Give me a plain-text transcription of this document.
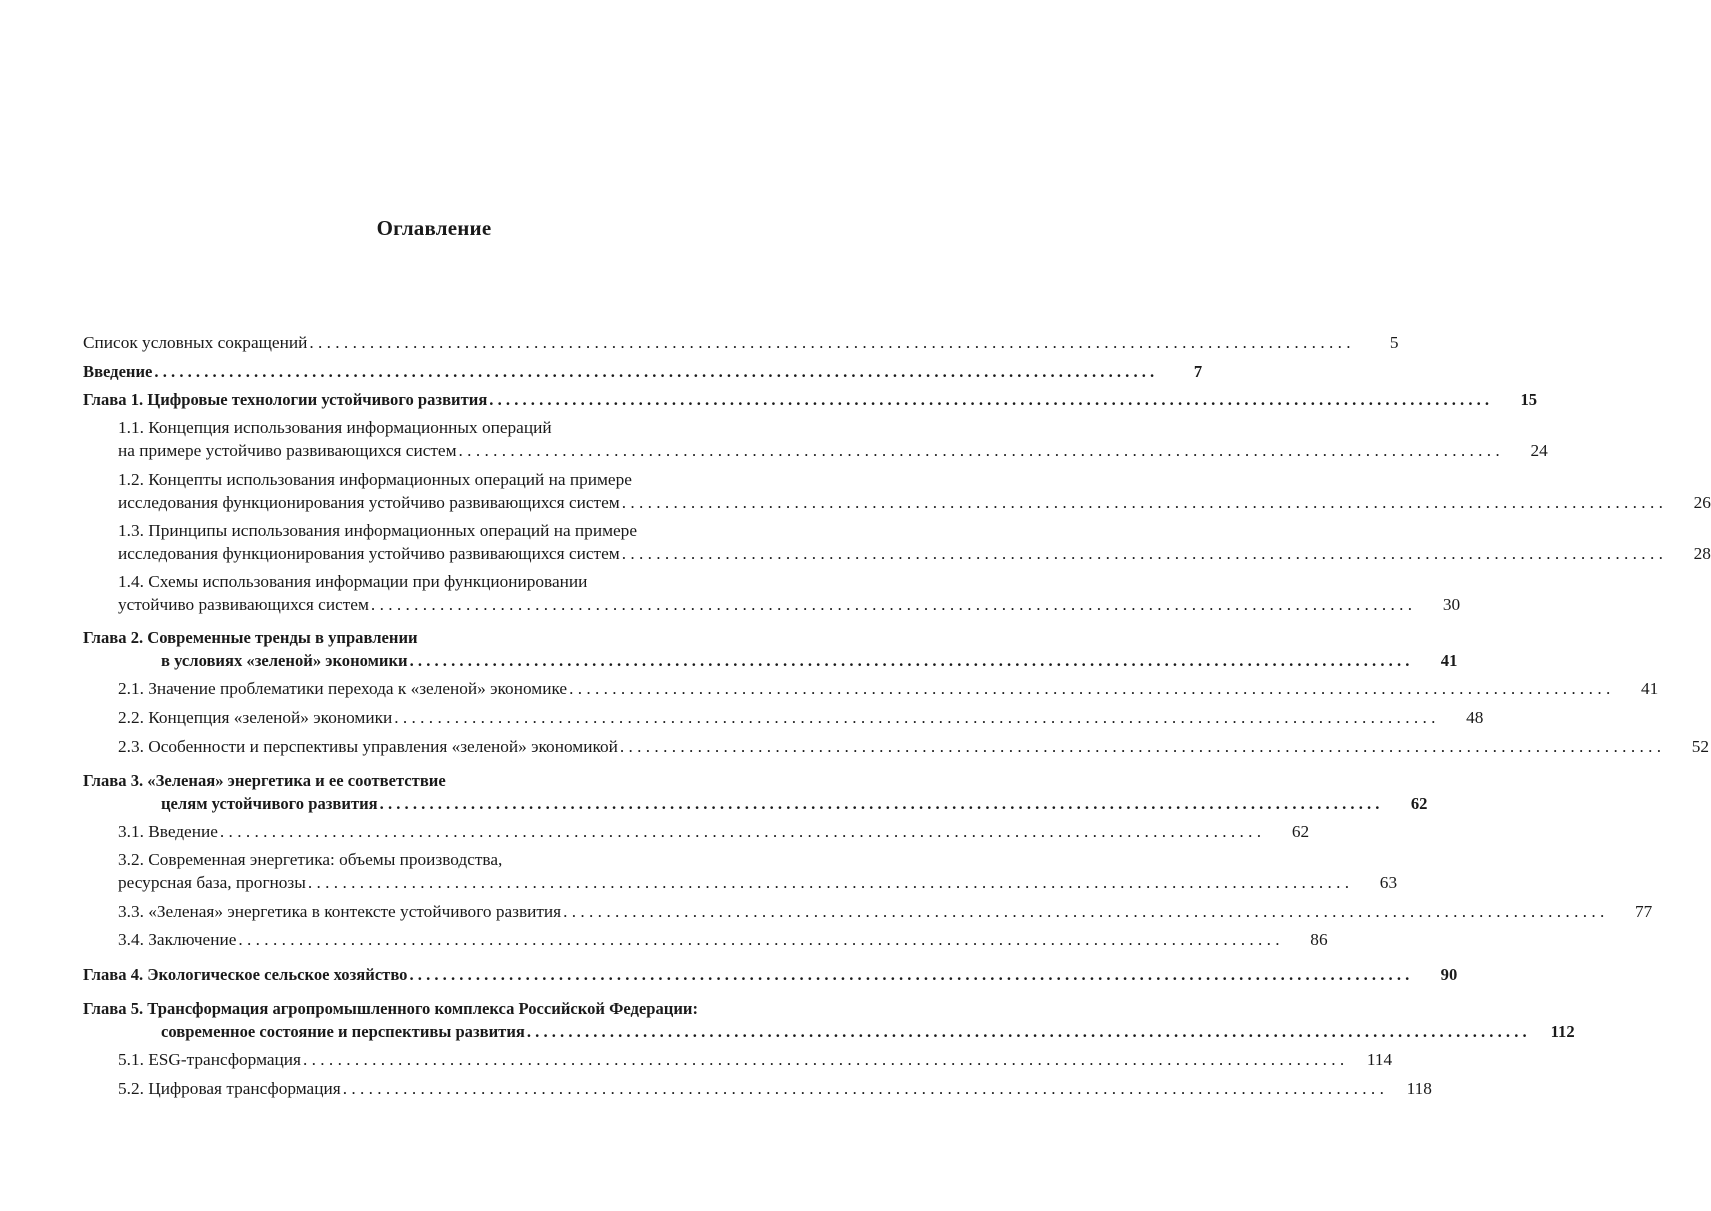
Оглавление
Список условных сокращений . . .	5
Введение . . .	7
Глава 1. Цифровые технологии устойчивого развития . . .	15
1.1. Концепция использования информационных операций
на примере устойчиво развивающихся систем . . .	24
1.2. Концепты использования информационных операций на примере
исследования функционирования устойчиво развивающихся систем . . .	26
1.3. Принципы использования информационных операций на примере
исследования функционирования устойчиво развивающихся систем . . .	28
1.4. Схемы использования информации при функционировании
устойчиво развивающихся систем . . .	30
Глава 2. Современные тренды в управлении
в условиях «зеленой» экономики . . .	41
2.1. Значение проблематики перехода к «зеленой» экономике . . .	41
2.2. Концепция «зеленой» экономики . . .	48
2.3. Особенности и перспективы управления «зеленой» экономикой . . .	52
Глава 3. «Зеленая» энергетика и ее соответствие
целям устойчивого развития . . .	62
3.1. Введение . . .	62
3.2. Современная энергетика: объемы производства,
ресурсная база, прогнозы . . .	63
3.3. «Зеленая» энергетика в контексте устойчивого развития . . .	77
3.4. Заключение . . .	86
Глава 4. Экологическое сельское хозяйство . . .	90
Глава 5. Трансформация агропромышленного комплекса Российской Федерации:
современное состояние и перспективы развития . . .	112
5.1. ESG-трансформация . . .	114
5.2. Цифровая трансформация . . .	118
